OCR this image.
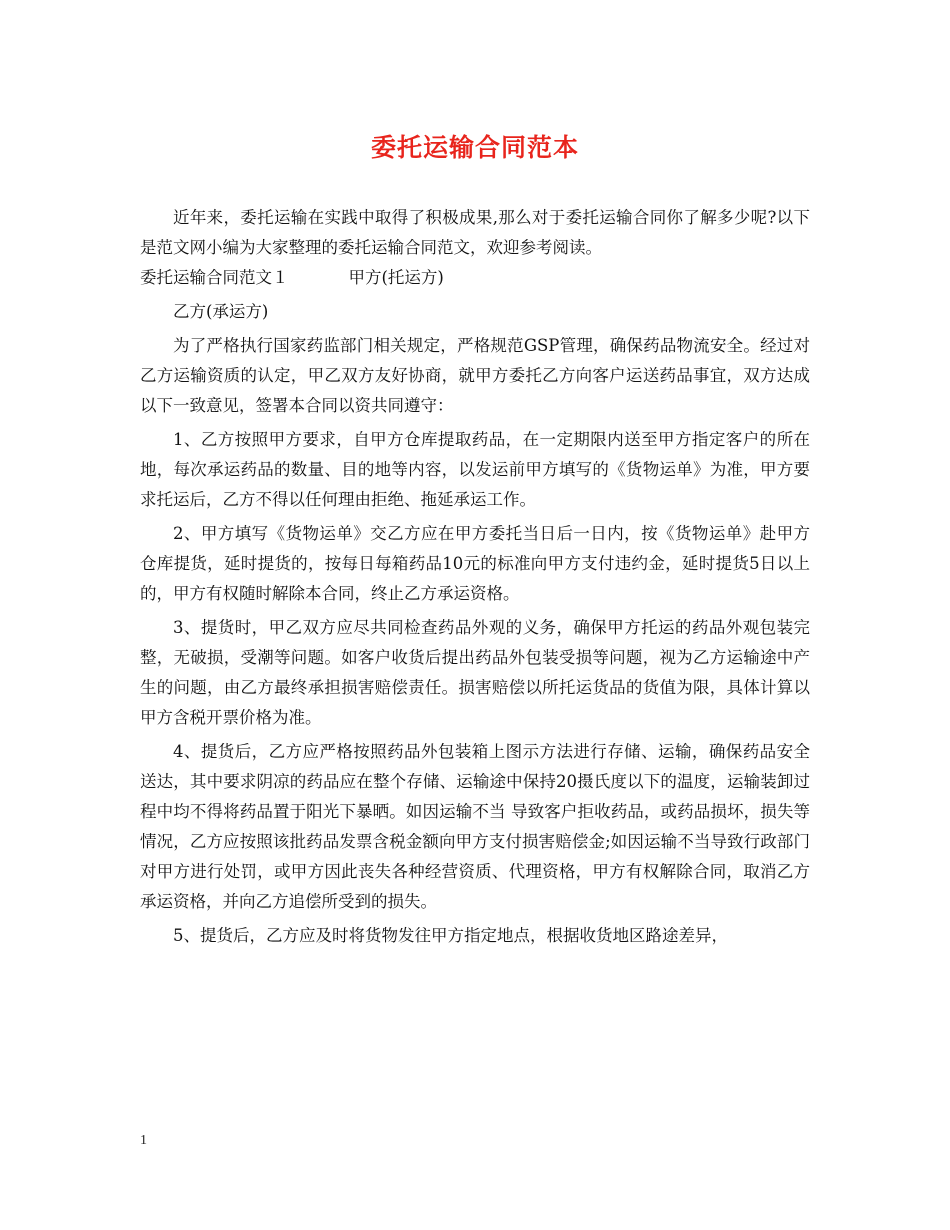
委托运输合同范本

近年来，委托运输在实践中取得了积极成果,那么对于委托运输合同你了解多少呢?以下是范文网小编为大家整理的委托运输合同范文，欢迎参考阅读。

委托运输合同范文１	甲方(托运方)

乙方(承运方)

为了严格执行国家药监部门相关规定，严格规范GSP管理，确保药品物流安全。经过对乙方运输资质的认定，甲乙双方友好协商，就甲方委托乙方向客户运送药品事宜，双方达成以下一致意见，签署本合同以资共同遵守：

1、乙方按照甲方要求，自甲方仓库提取药品，在一定期限内送至甲方指定客户的所在地，每次承运药品的数量、目的地等内容，以发运前甲方填写的《货物运单》为准，甲方要求托运后，乙方不得以任何理由拒绝、拖延承运工作。

2、甲方填写《货物运单》交乙方应在甲方委托当日后一日内，按《货物运单》赴甲方仓库提货，延时提货的，按每日每箱药品10元的标准向甲方支付违约金，延时提货5日以上的，甲方有权随时解除本合同，终止乙方承运资格。

3、提货时，甲乙双方应尽共同检查药品外观的义务，确保甲方托运的药品外观包装完整，无破损，受潮等问题。如客户收货后提出药品外包装受损等问题，视为乙方运输途中产生的问题，由乙方最终承担损害赔偿责任。损害赔偿以所托运货品的货值为限，具体计算以甲方含税开票价格为准。

4、提货后，乙方应严格按照药品外包装箱上图示方法进行存储、运输，确保药品安全送达，其中要求阴凉的药品应在整个存储、运输途中保持20摄氏度以下的温度，运输装卸过程中均不得将药品置于阳光下暴晒。如因运输不当 导致客户拒收药品，或药品损坏，损失等情况，乙方应按照该批药品发票含税金额向甲方支付损害赔偿金;如因运输不当导致行政部门对甲方进行处罚，或甲方因此丧失各种经营资质、代理资格，甲方有权解除合同，取消乙方承运资格，并向乙方追偿所受到的损失。

5、提货后，乙方应及时将货物发往甲方指定地点，根据收货地区路途差异，

1
